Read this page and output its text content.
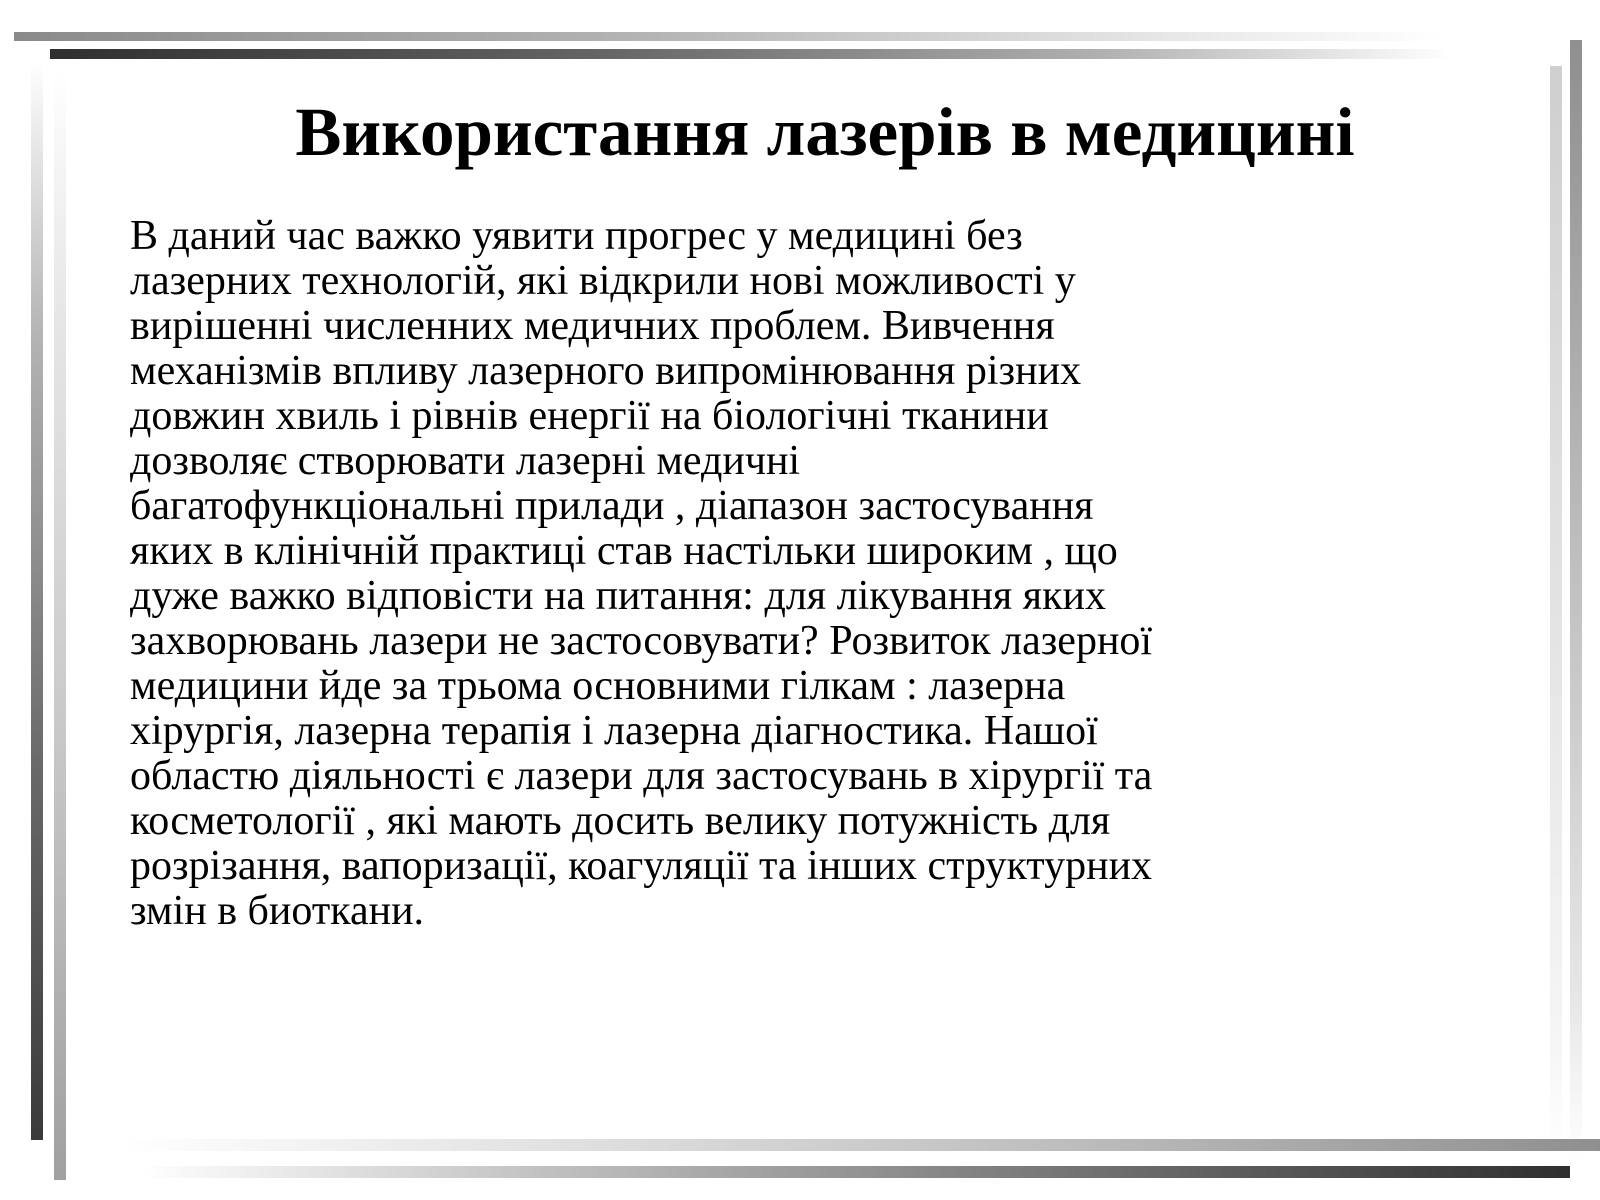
Використання лазерів в медицині
В даний час важко уявити прогрес у медицині без
лазерних технологій, які відкрили нові можливості у
вирішенні численних медичних проблем. Вивчення
механізмів впливу лазерного випромінювання різних
довжин хвиль і рівнів енергії на біологічні тканини
дозволяє створювати лазерні медичні
багатофункціональні прилади , діапазон застосування
яких в клінічній практиці став настільки широким , що
дуже важко відповісти на питання: для лікування яких
захворювань лазери не застосовувати? Розвиток лазерної
медицини йде за трьома основними гілкам : лазерна
хірургія, лазерна терапія і лазерна діагностика. Нашої
областю діяльності є лазери для застосувань в хірургії та
косметології , які мають досить велику потужність для
розрізання, вапоризації, коагуляції та інших структурних
змін в биоткани.
